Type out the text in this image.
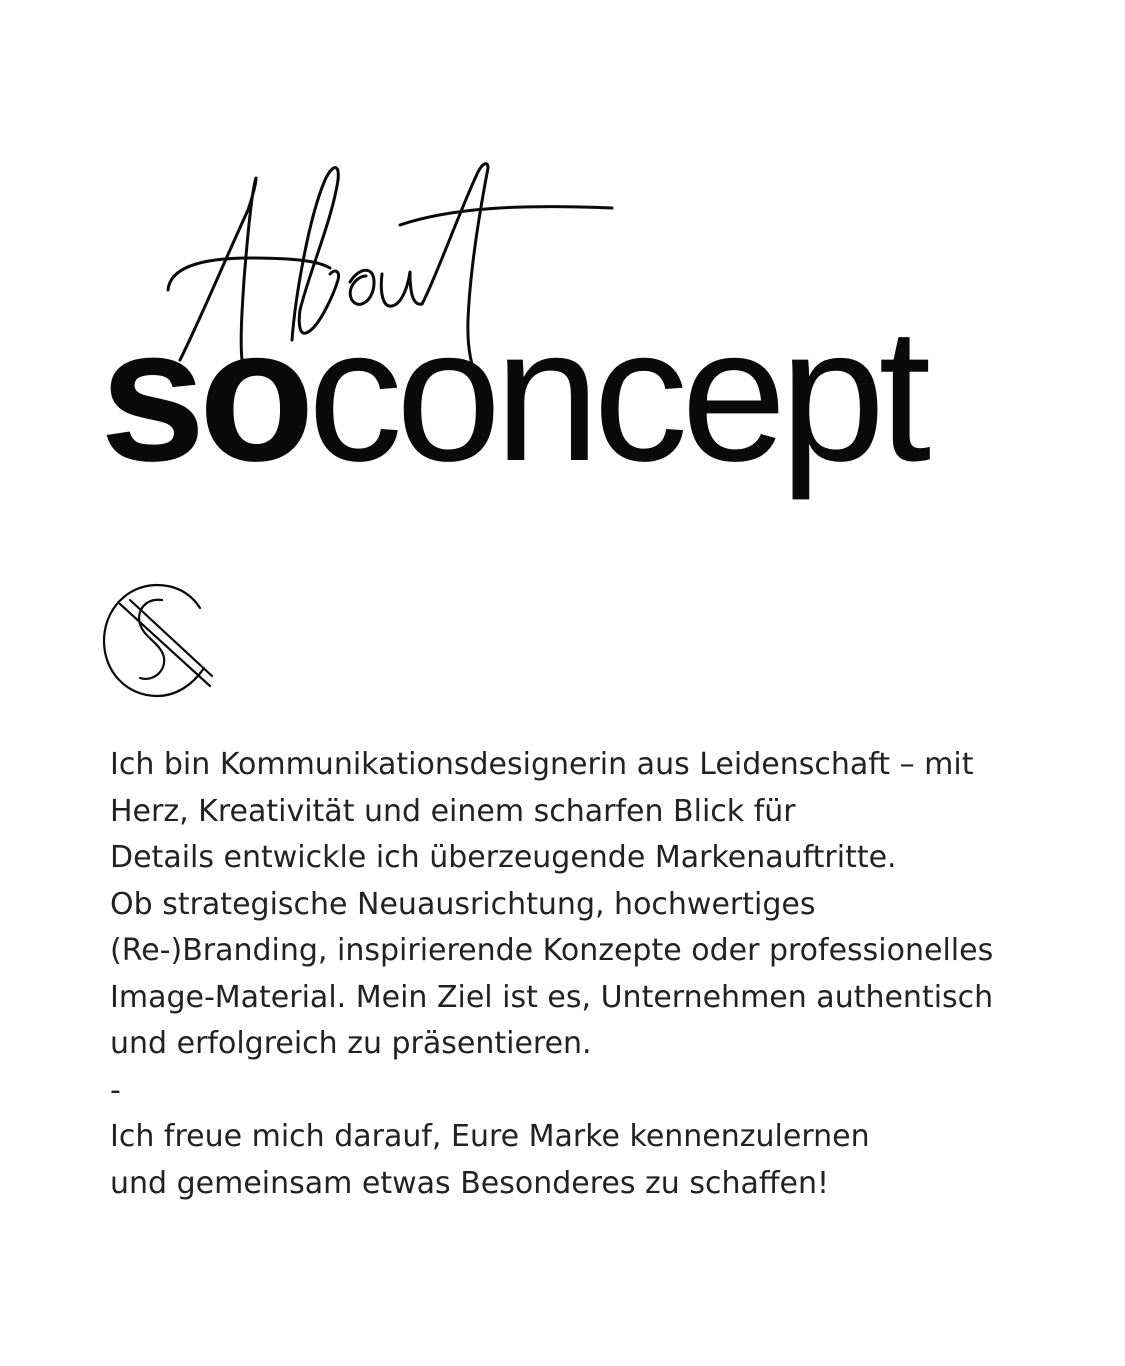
soconcept

Ich bin Kommunikationsdesignerin aus Leidenschaft – mit

Herz, Kreativität und einem scharfen Blick für

Details entwickle ich überzeugende Markenauftritte.

Ob strategische Neuausrichtung, hochwertiges

(Re-)Branding, inspirierende Konzepte oder professionelles

Image-Material. Mein Ziel ist es, Unternehmen authentisch

und erfolgreich zu präsentieren.

-

Ich freue mich darauf, Eure Marke kennenzulernen

und gemeinsam etwas Besonderes zu schaffen!
